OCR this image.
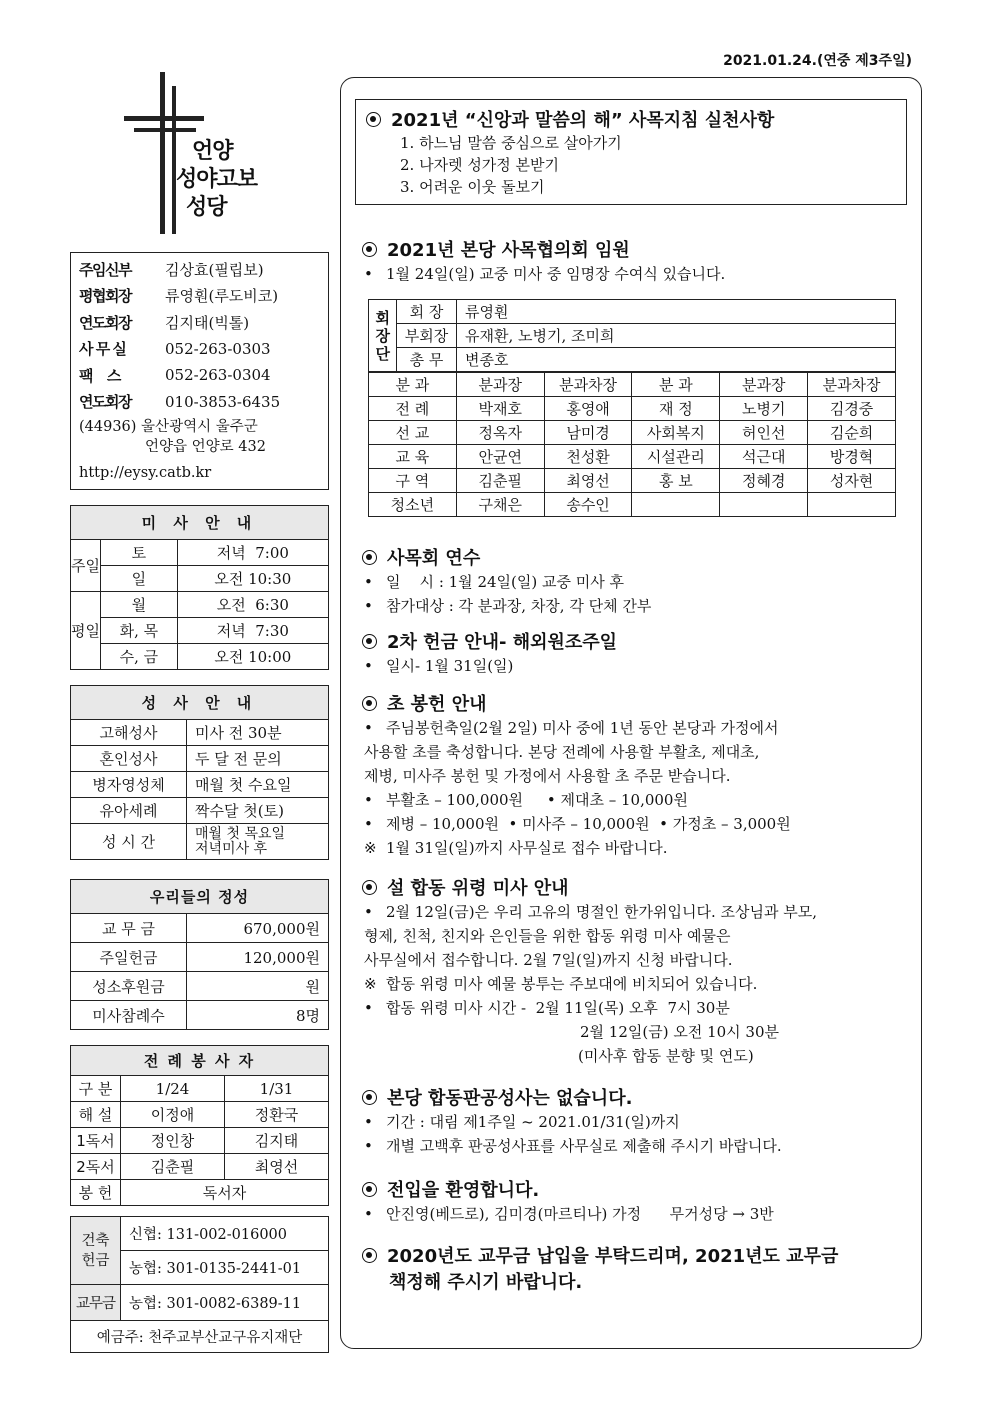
2021.01.24.(연중 제3주일)
언양
성야고보
성당
주임신부	김상효(필립보)
평협회장	류영훤(루도비코)
연도회장	김지태(빅톨)
사 무 실	052-263-0303
팩    스	052-263-0304
연도회장	010-3853-6435
(44936) 울산광역시 울주군
언양읍 언양로 432
http://eysy.catb.kr
미 사 안 내		
주일	토	저녁  7:00
	일	오전 10:30
평일	월	오전  6:30
	화, 목	저녁  7:30
	수, 금	오전 10:00
성 사 안 내	
고해성사	미사 전 30분
혼인성사	두 달 전 문의
병자영성체	매월 첫 수요일
유아세례	짝수달 첫(토)
성 시 간	매월 첫 목요일
저녁미사 후
우리들의 정성	
교 무 금	670,000원
주일헌금	120,000원
성소후원금	원
미사참례수	8명
전 례 봉 사 자		
구 분	1/24	1/31
해 설	이정애	정환국
1독서	정인창	김지태
2독서	김춘필	최영선
봉 헌	독서자	
건축헌금	신협: 131-002-016000
	농협: 301-0135-2441-01
교무금	농협: 301-0082-6389-11
예금주: 천주교부산교구유지재단	
2021년 “신앙과 말씀의 해” 사목지침 실천사항
1. 하느님 말씀 중심으로 살아가기
2. 나자렛 성가정 본받기
3. 어려운 이웃 돌보기
2021년 본당 사목협의회 임원
• 1월 24일(일) 교중 미사 중 임명장 수여식 있습니다.
회장단	회 장	류영훤
	부회장	유재환, 노병기, 조미희
	총 무	변종호
분 과	분과장	분과차장	분 과	분과장	분과차장
전 례	박재호	홍영애	재 정	노병기	김경중
선 교	정옥자	남미경	사회복지	허인선	김순희
교 육	안균연	천성환	시설관리	석근대	방경혁
구 역	김춘필	최영선	홍 보	정혜경	성자현
청소년	구채은	송수인			
사목회 연수
• 일    시 : 1월 24일(일) 교중 미사 후
• 참가대상 : 각 분과장, 차장, 각 단체 간부
2차 헌금 안내- 해외원조주일
• 일시- 1월 31일(일)
초 봉헌 안내
• 주님봉헌축일(2월 2일) 미사 중에 1년 동안 본당과 가정에서
사용할 초를 축성합니다. 본당 전례에 사용할 부활초, 제대초,
제병, 미사주 봉헌 및 가정에서 사용할 초 주문 받습니다.
• 부활초 – 100,000원     • 제대초 – 10,000원
• 제병 – 10,000원  • 미사주 – 10,000원  • 가정초 – 3,000원
※ 1월 31일(일)까지 사무실로 접수 바랍니다.
설 합동 위령 미사 안내
• 2월 12일(금)은 우리 고유의 명절인 한가위입니다. 조상님과 부모,
형제, 친척, 친지와 은인들을 위한 합동 위령 미사 예물은
사무실에서 접수합니다. 2월 7일(일)까지 신청 바랍니다.
※ 합동 위령 미사 예물 봉투는 주보대에 비치되어 있습니다.
• 합동 위령 미사 시간 -  2월 11일(목) 오후  7시 30분
2월 12일(금) 오전 10시 30분
(미사후 합동 분향 및 연도)
본당 합동판공성사는 없습니다.
• 기간 : 대림 제1주일 ~ 2021.01/31(일)까지
• 개별 고백후 판공성사표를 사무실로 제출해 주시기 바랍니다.
전입을 환영합니다.
• 안진영(베드로), 김미경(마르티나) 가정      무거성당 → 3반
2020년도 교무금 납입을 부탁드리며, 2021년도 교무금
책정해 주시기 바랍니다.
